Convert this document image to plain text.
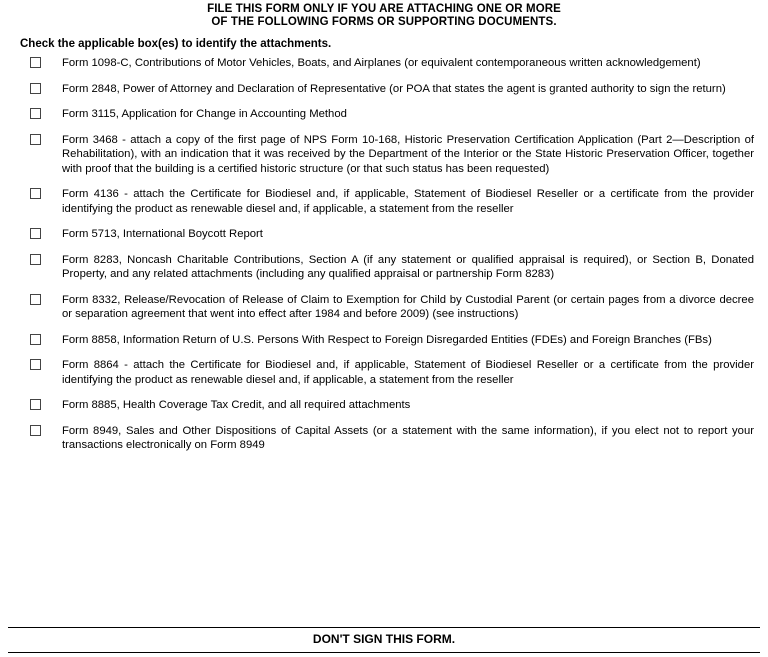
FILE THIS FORM ONLY IF YOU ARE ATTACHING ONE OR MORE
OF THE FOLLOWING FORMS OR SUPPORTING DOCUMENTS.
Check the applicable box(es) to identify the attachments.
Form 1098-C, Contributions of Motor Vehicles, Boats, and Airplanes (or equivalent contemporaneous written acknowledgement)
Form 2848, Power of Attorney and Declaration of Representative (or POA that states the agent is granted authority to sign the return)
Form 3115, Application for Change in Accounting Method
Form 3468 - attach a copy of the first page of NPS Form 10-168, Historic Preservation Certification Application (Part 2—Description of Rehabilitation), with an indication that it was received by the Department of the Interior or the State Historic Preservation Officer, together with proof that the building is a certified historic structure (or that such status has been requested)
Form 4136 - attach the Certificate for Biodiesel and, if applicable, Statement of Biodiesel Reseller or a certificate from the provider identifying the product as renewable diesel and, if applicable, a statement from the reseller
Form 5713, International Boycott Report
Form 8283, Noncash Charitable Contributions, Section A (if any statement or qualified appraisal is required), or Section B, Donated Property, and any related attachments (including any qualified appraisal or partnership Form 8283)
Form 8332, Release/Revocation of Release of Claim to Exemption for Child by Custodial Parent (or certain pages from a divorce decree or separation agreement that went into effect after 1984 and before 2009) (see instructions)
Form 8858, Information Return of U.S. Persons With Respect to Foreign Disregarded Entities (FDEs) and Foreign Branches (FBs)
Form 8864 - attach the Certificate for Biodiesel and, if applicable, Statement of Biodiesel Reseller or a certificate from the provider identifying the product as renewable diesel and, if applicable, a statement from the reseller
Form 8885, Health Coverage Tax Credit, and all required attachments
Form 8949, Sales and Other Dispositions of Capital Assets (or a statement with the same information), if you elect not to report your transactions electronically on Form 8949
DON'T SIGN THIS FORM.
